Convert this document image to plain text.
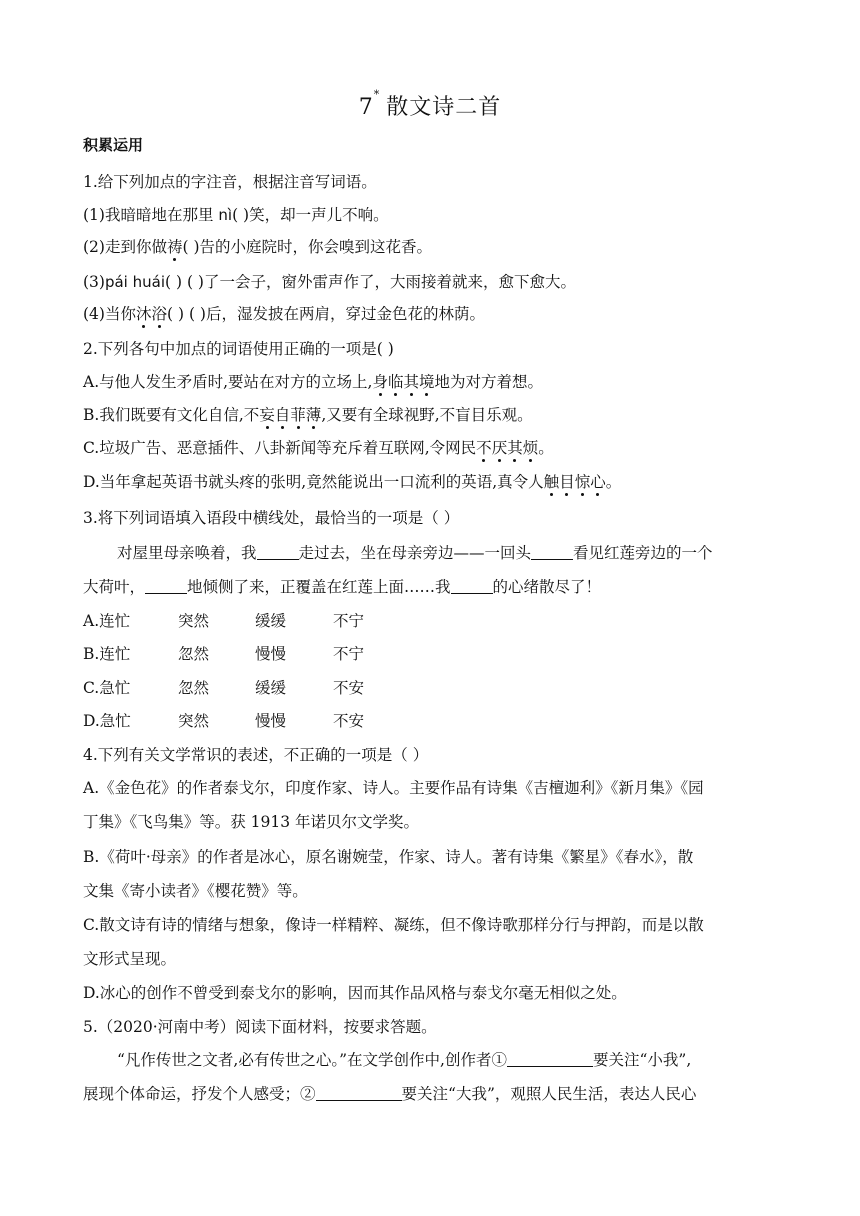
7*散文诗二首
积累运用
1.给下列加点的字注音，根据注音写词语。
(1)我暗暗地在那里 nì( )笑，却一声儿不响。
(2)走到你做祷( )告的小庭院时，你会嗅到这花香。
(3)pái huái( ) ( )了一会子，窗外雷声作了，大雨接着就来，愈下愈大。
(4)当你沐浴( ) ( )后，湿发披在两肩，穿过金色花的林荫。
2.下列各句中加点的词语使用正确的一项是( )
A.与他人发生矛盾时,要站在对方的立场上,身临其境地为对方着想。
B.我们既要有文化自信,不妄自菲薄,又要有全球视野,不盲目乐观。
C.垃圾广告、恶意插件、八卦新闻等充斥着互联网,令网民不厌其烦。
D.当年拿起英语书就头疼的张明,竟然能说出一口流利的英语,真令人触目惊心。
3.将下列词语填入语段中横线处，最恰当的一项是（ ）
对屋里母亲唤着，我	走过去，坐在母亲旁边——一回头	看见红莲旁边的一个
大荷叶，	地倾侧了来，正覆盖在红莲上面……我	的心绪散尽了！
A.连忙	突然	缓缓	不宁
B.连忙	忽然	慢慢	不宁
C.急忙	忽然	缓缓	不安
D.急忙	突然	慢慢	不安
4.下列有关文学常识的表述，不正确的一项是（ ）
A.《金色花》的作者泰戈尔，印度作家、诗人。主要作品有诗集《吉檀迦利》《新月集》《园
丁集》《飞鸟集》等。获 1913 年诺贝尔文学奖。
B.《荷叶·母亲》的作者是冰心，原名谢婉莹，作家、诗人。著有诗集《繁星》《春水》，散
文集《寄小读者》《樱花赞》等。
C.散文诗有诗的情绪与想象，像诗一样精粹、凝练，但不像诗歌那样分行与押韵，而是以散
文形式呈现。
D.冰心的创作不曾受到泰戈尔的影响，因而其作品风格与泰戈尔毫无相似之处。
5.（2020·河南中考）阅读下面材料，按要求答题。
“凡作传世之文者,必有传世之心。”在文学创作中,创作者①	要关注“小我”,
展现个体命运，抒发个人感受；②	要关注“大我”，观照人民生活，表达人民心
